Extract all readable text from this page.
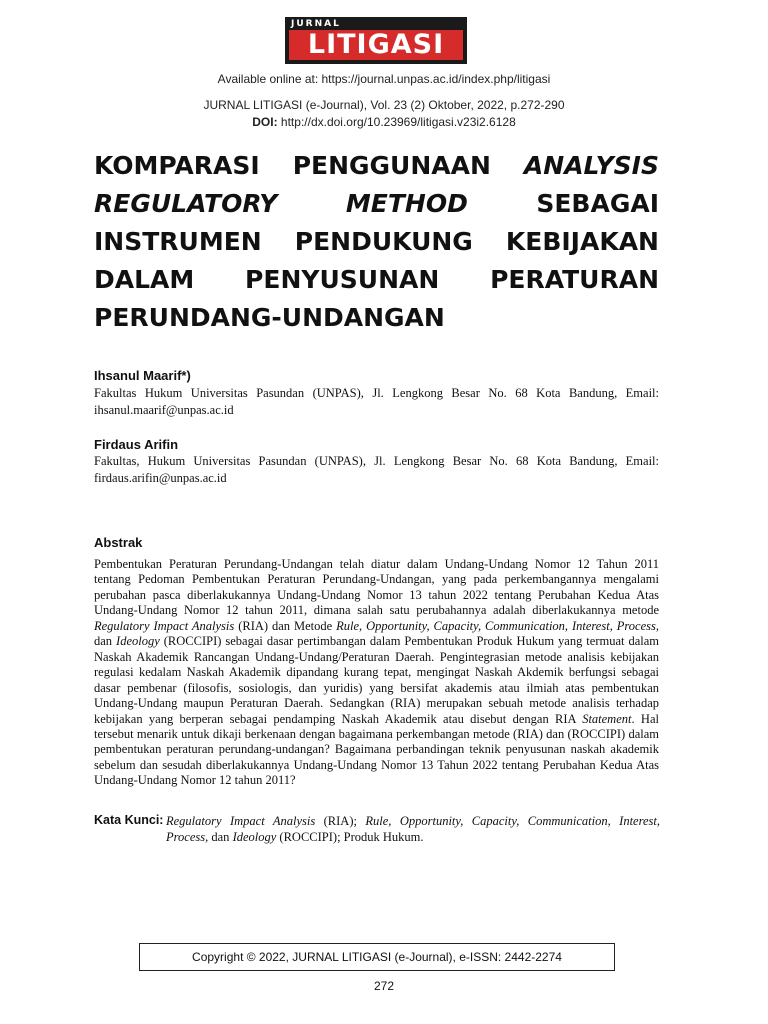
JURNAL
LITIGASI
Available online at: https://journal.unpas.ac.id/index.php/litigasi
JURNAL LITIGASI (e-Journal), Vol. 23 (2) Oktober, 2022, p.272-290
DOI: http://dx.doi.org/10.23969/litigasi.v23i2.6128
KOMPARASI PENGGUNAAN ANALYSIS
REGULATORY	METHOD	SEBAGAI
INSTRUMEN PENDUKUNG KEBIJAKAN
DALAM PENYUSUNAN PERATURAN
PERUNDANG-UNDANGAN
Ihsanul Maarif*)
Fakultas Hukum Universitas Pasundan (UNPAS), Jl. Lengkong Besar No. 68 Kota Bandung, Email: ihsanul.maarif@unpas.ac.id
Firdaus Arifin
Fakultas, Hukum Universitas Pasundan (UNPAS), Jl. Lengkong Besar No. 68 Kota Bandung, Email: firdaus.arifin@unpas.ac.id
Abstrak
Pembentukan Peraturan Perundang-Undangan telah diatur dalam Undang-Undang Nomor 12 Tahun 2011 tentang Pedoman Pembentukan Peraturan Perundang-Undangan, yang pada perkembangannya mengalami perubahan pasca diberlakukannya Undang-Undang Nomor 13 tahun 2022 tentang Perubahan Kedua Atas Undang-Undang Nomor 12 tahun 2011, dimana salah satu perubahannya adalah diberlakukannya metode Regulatory Impact Analysis (RIA) dan Metode Rule, Opportunity, Capacity, Communication, Interest, Process, dan Ideology (ROCCIPI) sebagai dasar pertimbangan dalam Pembentukan Produk Hukum yang termuat dalam Naskah Akademik Rancangan Undang-Undang/Peraturan Daerah. Pengintegrasian metode analisis kebijakan regulasi kedalam Naskah Akademik dipandang kurang tepat, mengingat Naskah Akdemik berfungsi sebagai dasar pembenar (filosofis, sosiologis, dan yuridis) yang bersifat akademis atau ilmiah atas pembentukan Undang-Undang maupun Peraturan Daerah. Sedangkan (RIA) merupakan sebuah metode analisis terhadap kebijakan yang berperan sebagai pendamping Naskah Akademik atau disebut dengan RIA Statement. Hal tersebut menarik untuk dikaji berkenaan dengan bagaimana perkembangan metode (RIA) dan (ROCCIPI) dalam pembentukan peraturan perundang-undangan? Bagaimana perbandingan teknik penyusunan naskah akademik sebelum dan sesudah diberlakukannya Undang-Undang Nomor 13 Tahun 2022 tentang Perubahan Kedua Atas Undang-Undang Nomor 12 tahun 2011?
Kata Kunci: Regulatory Impact Analysis (RIA); Rule, Opportunity, Capacity, Communication, Interest, Process, dan Ideology (ROCCIPI); Produk Hukum.
Copyright © 2022, JURNAL LITIGASI (e-Journal), e-ISSN: 2442-2274
272
